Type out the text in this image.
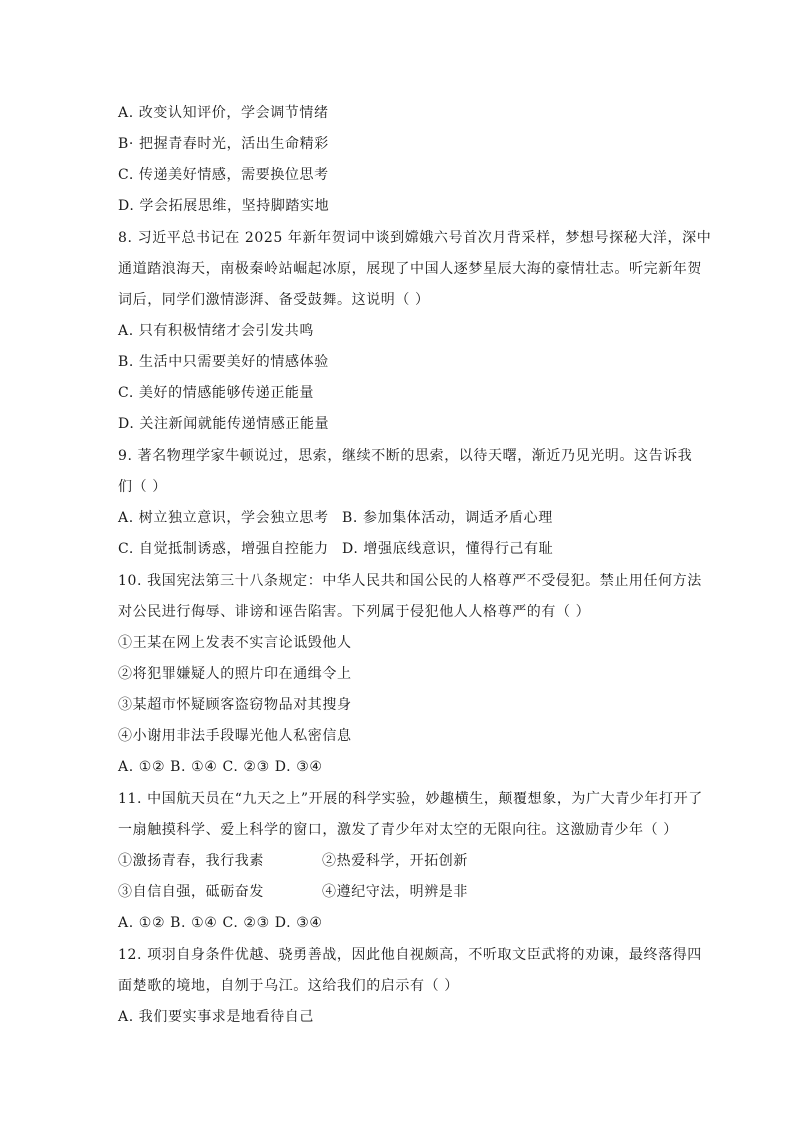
A. 改变认知评价，学会调节情绪
B· 把握青春时光，活出生命精彩
C. 传递美好情感，需要换位思考
D. 学会拓展思维，坚持脚踏实地
8. 习近平总书记在 2025 年新年贺词中谈到嫦娥六号首次月背采样，梦想号探秘大洋，深中
通道踏浪海天，南极秦岭站崛起冰原，展现了中国人逐梦星辰大海的豪情壮志。听完新年贺
词后，同学们激情澎湃、备受鼓舞。这说明（ ）
A. 只有积极情绪才会引发共鸣
B. 生活中只需要美好的情感体验
C. 美好的情感能够传递正能量
D. 关注新闻就能传递情感正能量
9. 著名物理学家牛顿说过，思索，继续不断的思索，以待天曙，渐近乃见光明。这告诉我
们（ ）
A. 树立独立意识，学会独立思考 B. 参加集体活动，调适矛盾心理
C. 自觉抵制诱惑，增强自控能力 D. 增强底线意识，懂得行己有耻
10. 我国宪法第三十八条规定：中华人民共和国公民的人格尊严不受侵犯。禁止用任何方法
对公民进行侮辱、诽谤和诬告陷害。下列属于侵犯他人人格尊严的有（ ）
①王某在网上发表不实言论诋毁他人
②将犯罪嫌疑人的照片印在通缉令上
③某超市怀疑顾客盗窃物品对其搜身
④小谢用非法手段曝光他人私密信息
A. ①② B. ①④ C. ②③ D. ③④
11. 中国航天员在“九天之上”开展的科学实验，妙趣横生，颠覆想象，为广大青少年打开了
一扇触摸科学、爱上科学的窗口，激发了青少年对太空的无限向往。这激励青少年（ ）
①激扬青春，我行我素	②热爱科学，开拓创新
③自信自强，砥砺奋发	④遵纪守法，明辨是非
A. ①② B. ①④ C. ②③ D. ③④
12. 项羽自身条件优越、骁勇善战，因此他自视颇高，不听取文臣武将的劝谏，最终落得四
面楚歌的境地，自刎于乌江。这给我们的启示有（ ）
A. 我们要实事求是地看待自己
